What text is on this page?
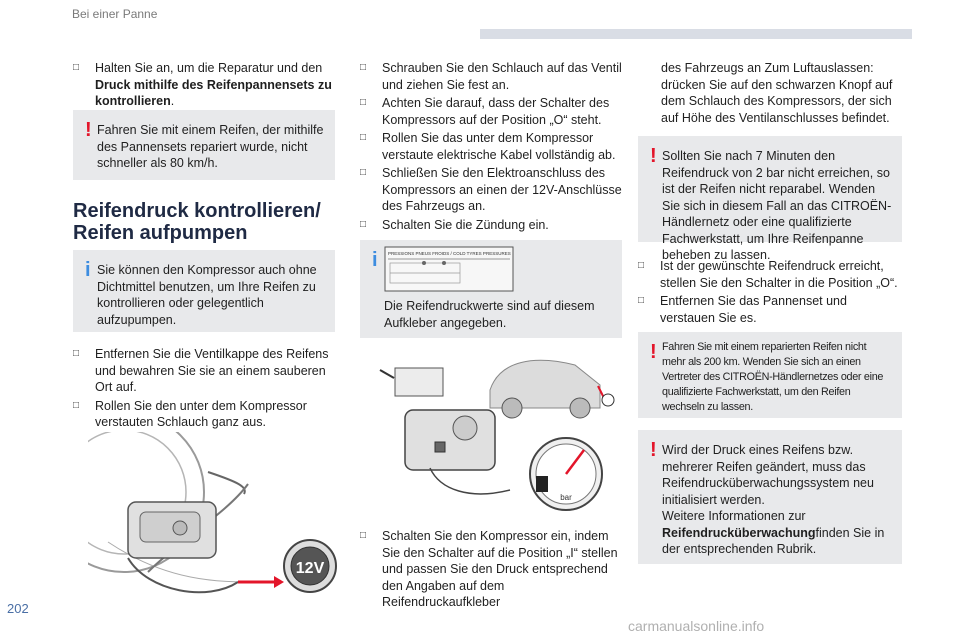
Bei einer Panne
□ Halten Sie an, um die Reparatur und den Druck mithilfe des Reifenpannensets zu kontrollieren.
! Fahren Sie mit einem Reifen, der mithilfe des Pannensets repariert wurde, nicht schneller als 80 km/h.
Reifendruck kontrollieren/
Reifen aufpumpen
i Sie können den Kompressor auch ohne Dichtmittel benutzen, um Ihre Reifen zu kontrollieren oder gelegentlich aufzupumpen.
□ Entfernen Sie die Ventilkappe des Reifens und bewahren Sie sie an einem sauberen Ort auf.
□ Rollen Sie den unter dem Kompressor verstauten Schlauch ganz aus.
12V
□ Schrauben Sie den Schlauch auf das Ventil und ziehen Sie fest an.
□ Achten Sie darauf, dass der Schalter des Kompressors auf der Position „O“ steht.
□ Rollen Sie das unter dem Kompressor verstaute elektrische Kabel vollständig ab.
□ Schließen Sie den Elektroanschluss des Kompressors an einen der 12V-Anschlüsse des Fahrzeugs an.
□ Schalten Sie die Zündung ein.
i PRESSIONS PNEUS FROIDS / COLD TYRES PRESSURES
Die Reifendruckwerte sind auf diesem Aufkleber angegeben.
bar
□ Schalten Sie den Kompressor ein, indem Sie den Schalter auf die Position „I“ stellen und passen Sie den Druck entsprechend den Angaben auf dem Reifendruckaufkleber
des Fahrzeugs an Zum Luftauslassen: drücken Sie auf den schwarzen Knopf auf dem Schlauch des Kompressors, der sich auf Höhe des Ventilanschlusses befindet.
! Sollten Sie nach 7 Minuten den Reifendruck von 2 bar nicht erreichen, so ist der Reifen nicht reparabel. Wenden Sie sich in diesem Fall an das CITROËN-Händlernetz oder eine qualifizierte Fachwerkstatt, um Ihre Reifenpanne beheben zu lassen.
□ Ist der gewünschte Reifendruck erreicht, stellen Sie den Schalter in die Position „O“.
□ Entfernen Sie das Pannenset und verstauen Sie es.
! Fahren Sie mit einem reparierten Reifen nicht mehr als 200 km. Wenden Sie sich an einen Vertreter des CITROËN-Händlernetzes oder eine qualifizierte Fachwerkstatt, um den Reifen wechseln zu lassen.
! Wird der Druck eines Reifens bzw. mehrerer Reifen geändert, muss das Reifendrucküberwachungssystem neu initialisiert werden.
Weitere Informationen zur
Reifendrucküberwachungfinden Sie in der entsprechenden Rubrik.
202
carmanualsonline.info
